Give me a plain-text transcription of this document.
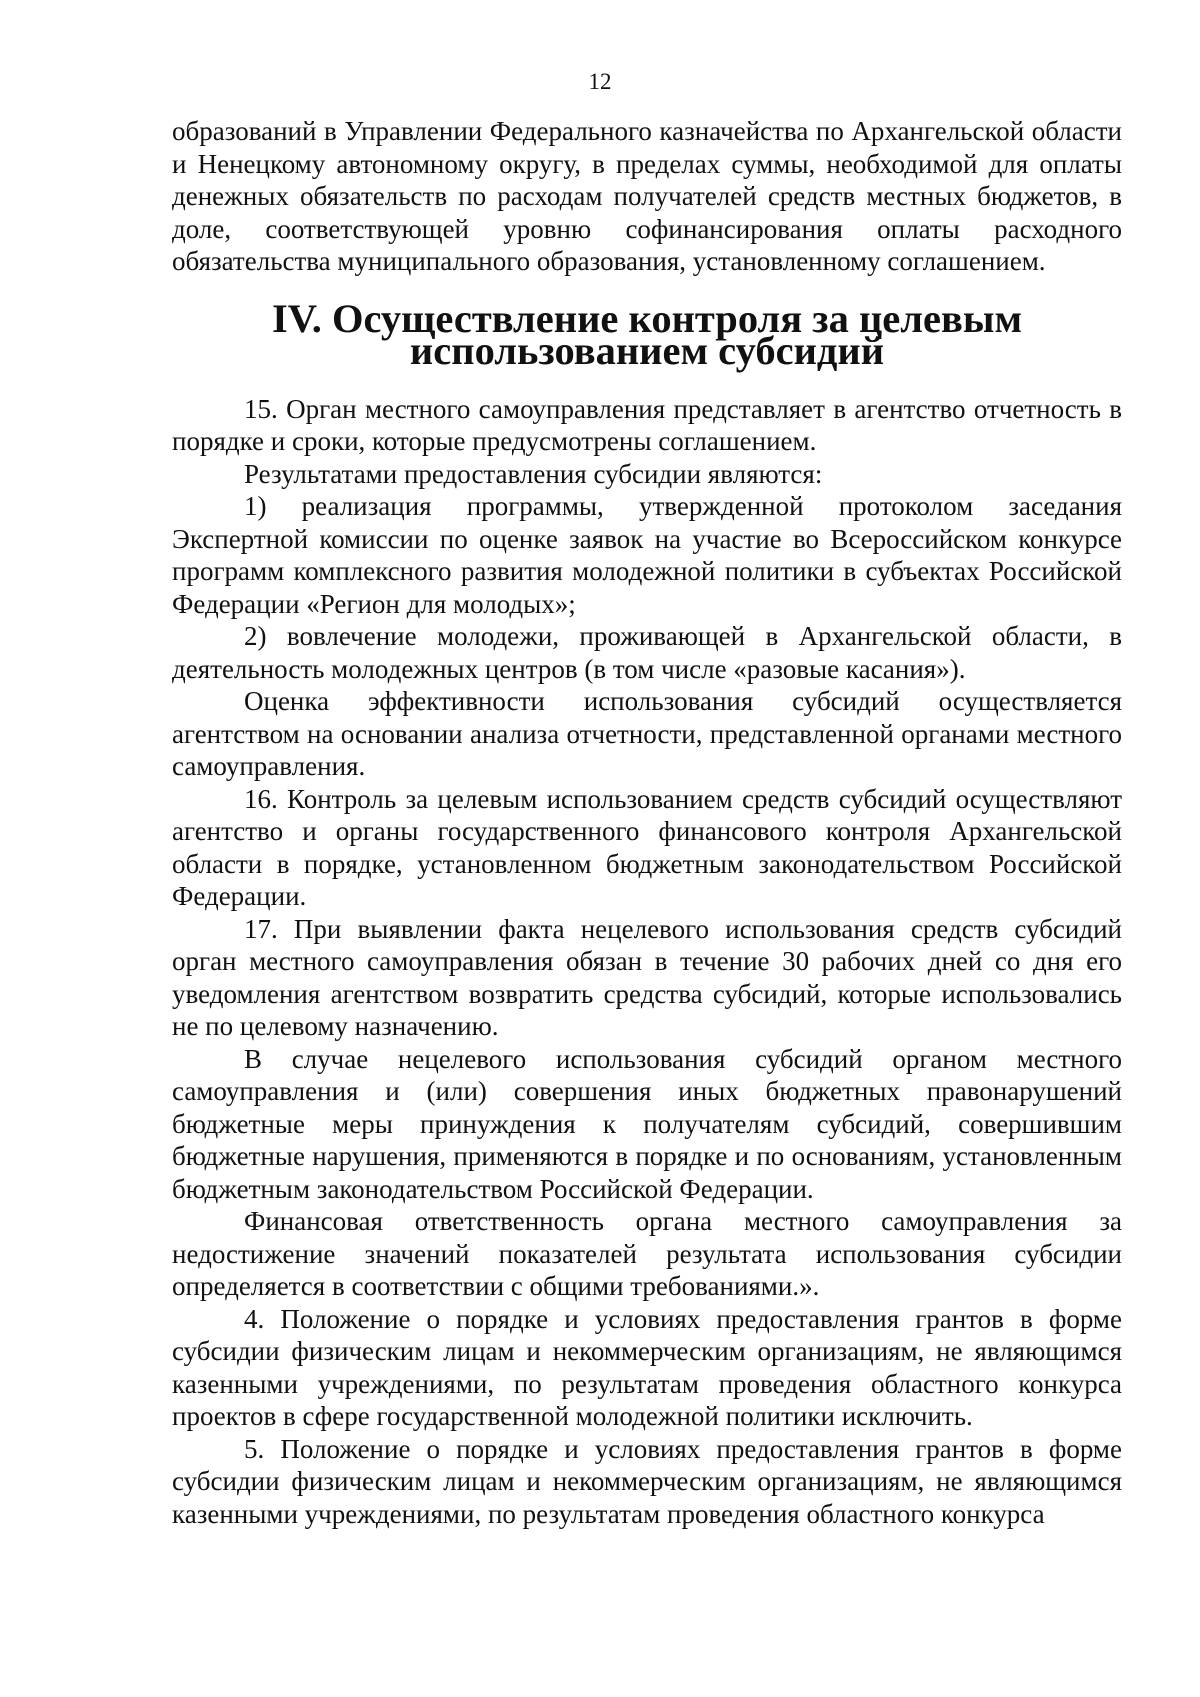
12

образований в Управлении Федерального казначейства по Архангельской области и Ненецкому автономному округу, в пределах суммы, необходимой для оплаты денежных обязательств по расходам получателей средств местных бюджетов, в доле, соответствующей уровню софинансирования оплаты расходного обязательства муниципального образования, установленному соглашением.

IV. Осуществление контроля за целевым
использованием субсидий

15. Орган местного самоуправления представляет в агентство отчетность в порядке и сроки, которые предусмотрены соглашением.

Результатами предоставления субсидии являются:

1) реализация программы, утвержденной протоколом заседания Экспертной комиссии по оценке заявок на участие во Всероссийском конкурсе программ комплексного развития молодежной политики в субъектах Российской Федерации «Регион для молодых»;

2) вовлечение молодежи, проживающей в Архангельской области, в деятельность молодежных центров (в том числе «разовые касания»).

Оценка эффективности использования субсидий осуществляется агентством на основании анализа отчетности, представленной органами местного самоуправления.

16. Контроль за целевым использованием средств субсидий осуществляют агентство и органы государственного финансового контроля Архангельской области в порядке, установленном бюджетным законодательством Российской Федерации.

17. При выявлении факта нецелевого использования средств субсидий орган местного самоуправления обязан в течение 30 рабочих дней со дня его уведомления агентством возвратить средства субсидий, которые использовались не по целевому назначению.

В случае нецелевого использования субсидий органом местного самоуправления и (или) совершения иных бюджетных правонарушений бюджетные меры принуждения к получателям субсидий, совершившим бюджетные нарушения, применяются в порядке и по основаниям, установленным бюджетным законодательством Российской Федерации.

Финансовая ответственность органа местного самоуправления за недостижение значений показателей результата использования субсидии определяется в соответствии с общими требованиями.».

4. Положение о порядке и условиях предоставления грантов в форме субсидии физическим лицам и некоммерческим организациям, не являющимся казенными учреждениями, по результатам проведения областного конкурса проектов в сфере государственной молодежной политики исключить.

5. Положение о порядке и условиях предоставления грантов в форме субсидии физическим лицам и некоммерческим организациям, не являющимся казенными учреждениями, по результатам проведения областного конкурса
